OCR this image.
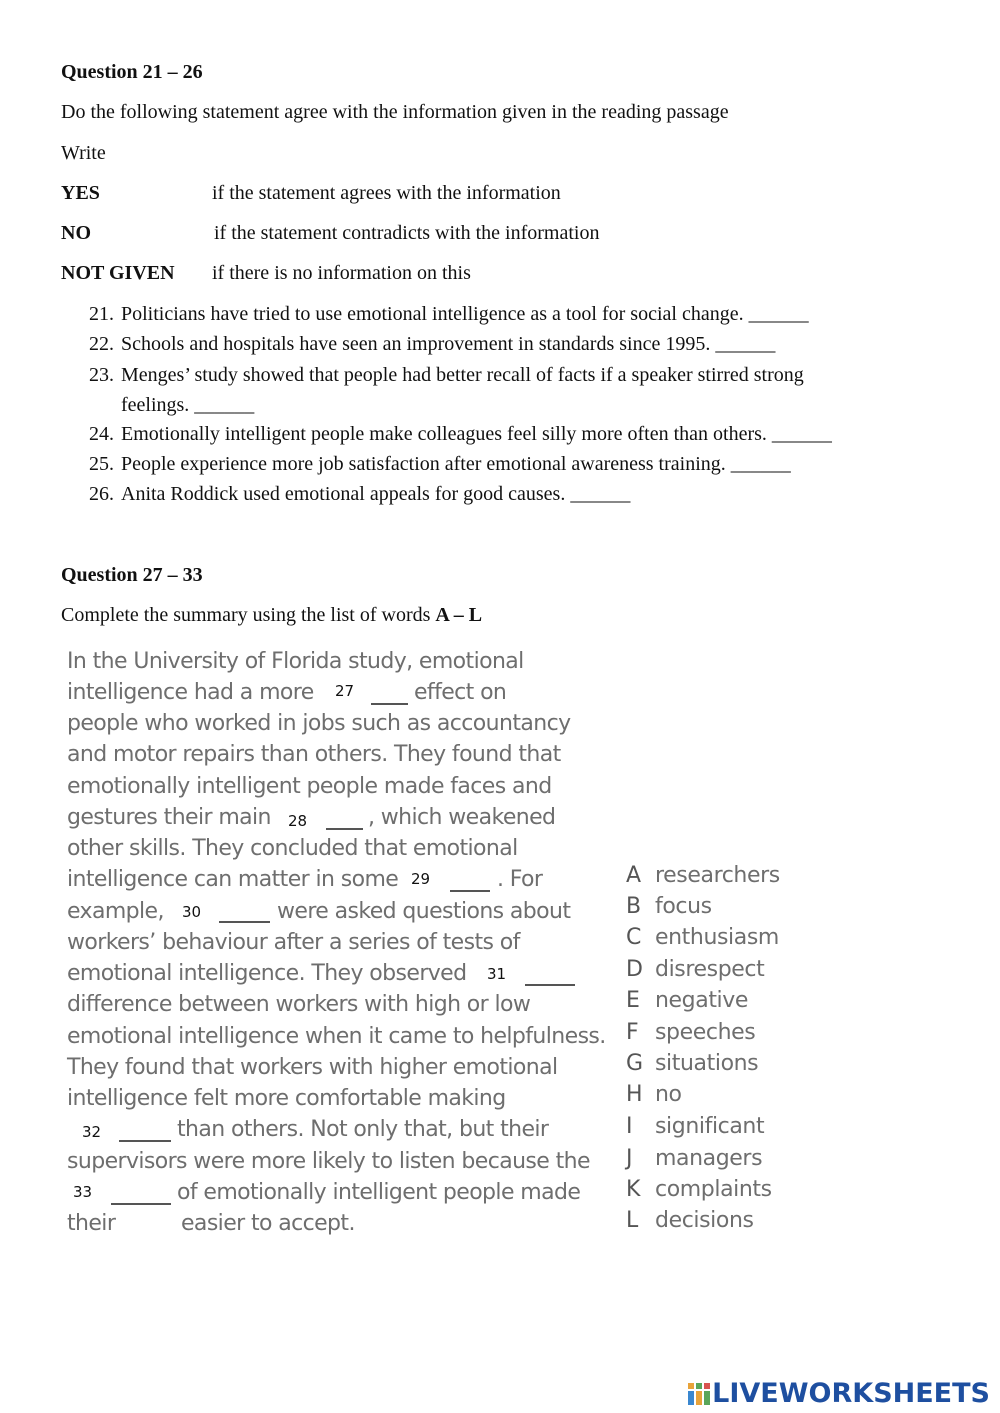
Question 21 – 26
Do the following statement agree with the information given in the reading passage
Write
YES	if the statement agrees with the information
NO	if the statement contradicts with the information
NOT GIVEN if there is no information on this
21. Politicians have tried to use emotional intelligence as a tool for social change. ______
22. Schools and hospitals have seen an improvement in standards since 1995. ______
23. Menges’ study showed that people had better recall of facts if a speaker stirred strong
feelings. ______
24. Emotionally intelligent people make colleagues feel silly more often than others. ______
25. People experience more job satisfaction after emotional awareness training. ______
26. Anita Roddick used emotional appeals for good causes. ______
Question 27 – 33
Complete the summary using the list of words A – L
In the University of Florida study, emotional
intelligence had a more	effect on
people who worked in jobs such as accountancy
and motor repairs than others. They found that
emotionally intelligent people made faces and
gestures their main	, which weakened
other skills. They concluded that emotional
intelligence can matter in some	. For
example,	were asked questions about
workers’ behaviour after a series of tests of
emotional intelligence. They observed
difference between workers with high or low
emotional intelligence when it came to helpfulness.
They found that workers with higher emotional
intelligence felt more comfortable making
than others. Not only that, but their
supervisors were more likely to listen because the
of emotionally intelligent people made
their	easier to accept.
27
28
29
30
31
32
33
A researchers
B focus
C enthusiasm
D disrespect
E negative
F speeches
G situations
H no
I significant
J managers
K complaints
L decisions
LIVEWORKSHEETS
